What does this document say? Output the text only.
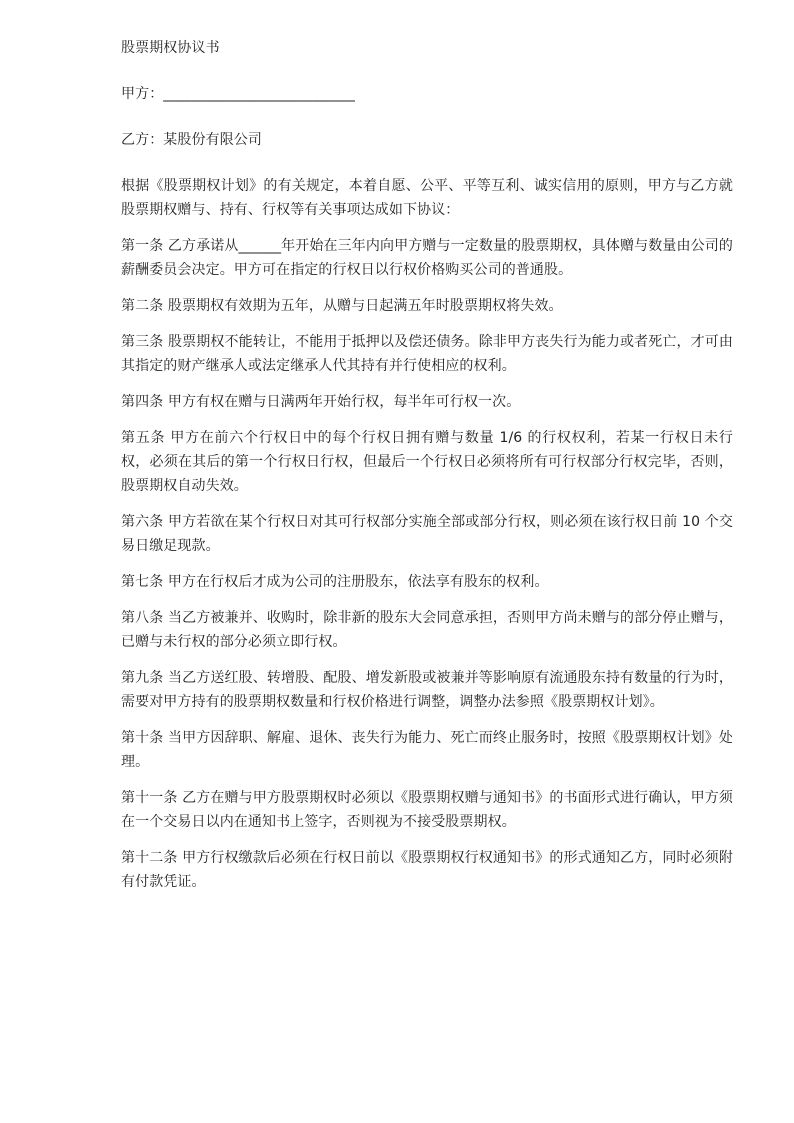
股票期权协议书

甲方：___________________________

乙方：某股份有限公司

根据《股票期权计划》的有关规定，本着自愿、公平、平等互利、诚实信用的原则，甲方与乙方就股票期权赠与、持有、行权等有关事项达成如下协议：

第一条 乙方承诺从______年开始在三年内向甲方赠与一定数量的股票期权，具体赠与数量由公司的薪酬委员会决定。甲方可在指定的行权日以行权价格购买公司的普通股。

第二条 股票期权有效期为五年，从赠与日起满五年时股票期权将失效。

第三条 股票期权不能转让，不能用于抵押以及偿还债务。除非甲方丧失行为能力或者死亡，才可由其指定的财产继承人或法定继承人代其持有并行使相应的权利。

第四条 甲方有权在赠与日满两年开始行权，每半年可行权一次。

第五条 甲方在前六个行权日中的每个行权日拥有赠与数量 1/6 的行权权利，若某一行权日未行权，必须在其后的第一个行权日行权，但最后一个行权日必须将所有可行权部分行权完毕，否则，股票期权自动失效。

第六条 甲方若欲在某个行权日对其可行权部分实施全部或部分行权，则必须在该行权日前 10 个交易日缴足现款。

第七条 甲方在行权后才成为公司的注册股东，依法享有股东的权利。

第八条 当乙方被兼并、收购时，除非新的股东大会同意承担，否则甲方尚未赠与的部分停止赠与，已赠与未行权的部分必须立即行权。

第九条 当乙方送红股、转增股、配股、增发新股或被兼并等影响原有流通股东持有数量的行为时，需要对甲方持有的股票期权数量和行权价格进行调整，调整办法参照《股票期权计划》。

第十条 当甲方因辞职、解雇、退休、丧失行为能力、死亡而终止服务时，按照《股票期权计划》处理。

第十一条 乙方在赠与甲方股票期权时必须以《股票期权赠与通知书》的书面形式进行确认，甲方须在一个交易日以内在通知书上签字，否则视为不接受股票期权。

第十二条 甲方行权缴款后必须在行权日前以《股票期权行权通知书》的形式通知乙方，同时必须附有付款凭证。
